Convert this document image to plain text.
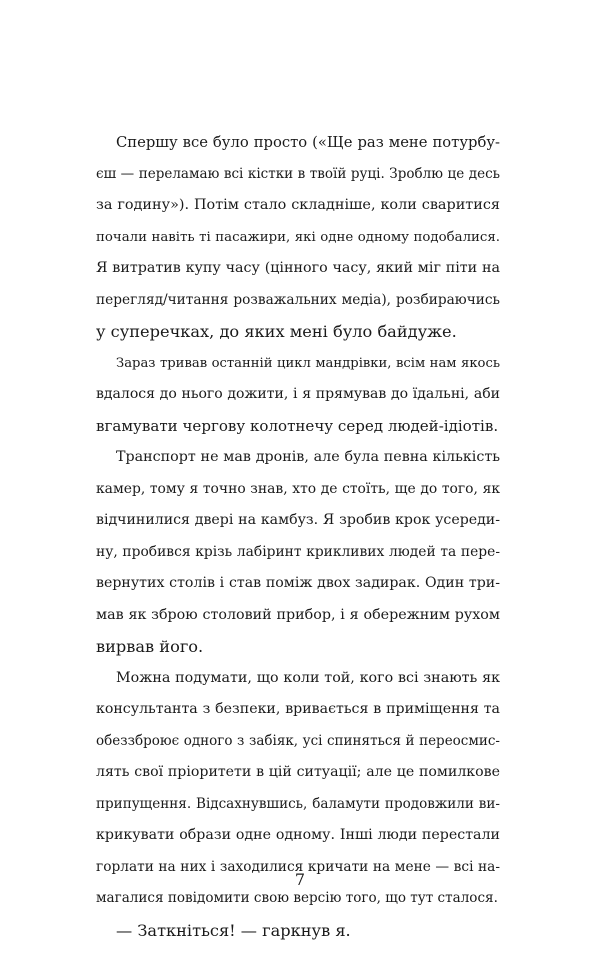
Спершу все було просто («Ще раз мене потурбу-
єш — переламаю всі кістки в твоїй руці. Зроблю це десь
за годину»). Потім стало складніше, коли сваритися
почали навіть ті пасажири, які одне одному подобалися.
Я витратив купу часу (цінного часу, який міг піти на
перегляд/читання розважальних медіа), розбираючись
у суперечках, до яких мені було байдуже.
Зараз тривав останній цикл мандрівки, всім нам якось
вдалося до нього дожити, і я прямував до їдальні, аби
вгамувати чергову колотнечу серед людей-ідіотів.
Транспорт не мав дронів, але була певна кількість
камер, тому я точно знав, хто де стоїть, ще до того, як
відчинилися двері на камбуз. Я зробив крок усереди-
ну, пробився крізь лабіринт крикливих людей та пере-
вернутих столів і став поміж двох задирак. Один три-
мав як зброю столовий прибор, і я обережним рухом
вирвав його.
Можна подумати, що коли той, кого всі знають як
консультанта з безпеки, вривається в приміщення та
обеззброює одного з забіяк, усі спиняться й переосмис-
лять свої пріоритети в цій ситуації; але це помилкове
припущення. Відсахнувшись, баламути продовжили ви-
крикувати образи одне одному. Інші люди перестали
горлати на них і заходилися кричати на мене — всі на-
магалися повідомити свою версію того, що тут сталося.
— Заткніться! — гаркнув я.
7
